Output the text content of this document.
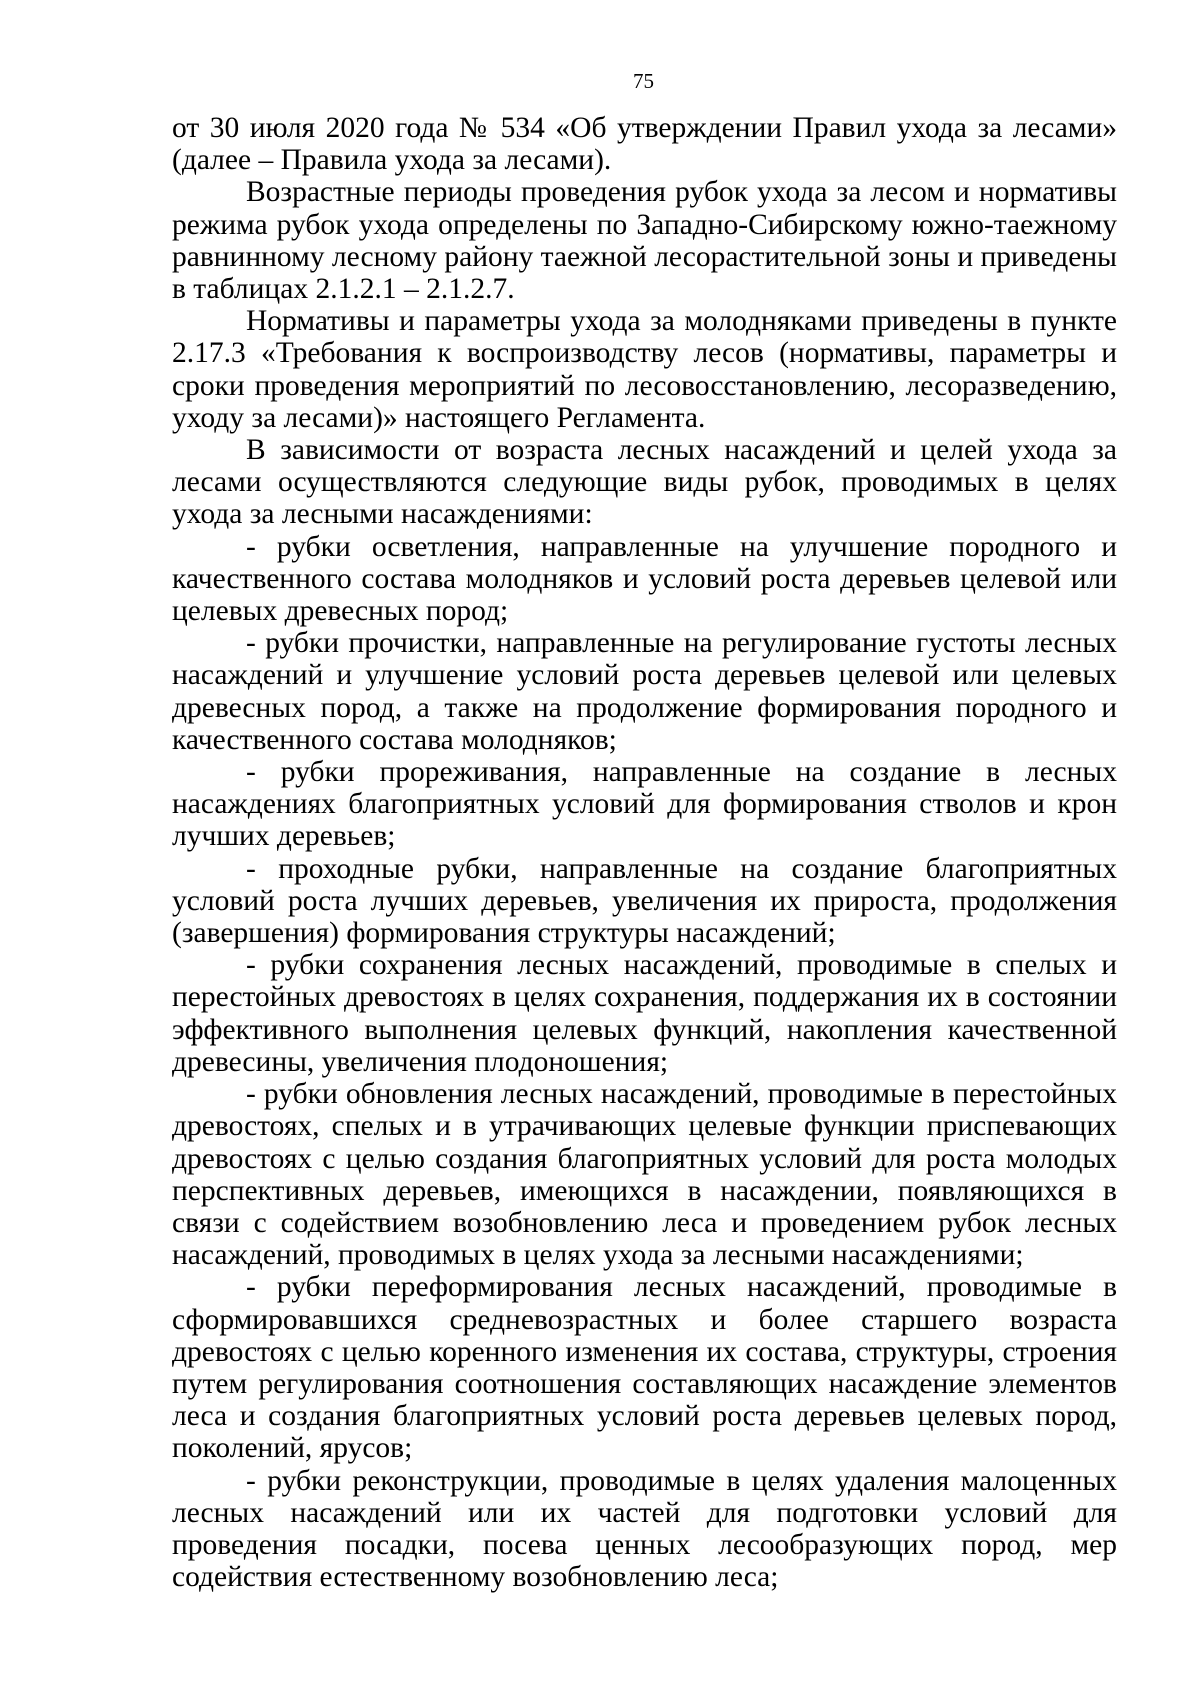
75

от 30 июля 2020 года № 534 «Об утверждении Правил ухода за лесами» (далее – Правила ухода за лесами).

Возрастные периоды проведения рубок ухода за лесом и нормативы режима рубок ухода определены по Западно-Сибирскому южно-таежному равнинному лесному району таежной лесорастительной зоны и приведены в таблицах 2.1.2.1 – 2.1.2.7.

Нормативы и параметры ухода за молодняками приведены в пункте 2.17.3 «Требования к воспроизводству лесов (нормативы, параметры и сроки проведения мероприятий по лесовосстановлению, лесоразведению, уходу за лесами)» настоящего Регламента.

В зависимости от возраста лесных насаждений и целей ухода за лесами осуществляются следующие виды рубок, проводимых в целях ухода за лесными насаждениями:

- рубки осветления, направленные на улучшение породного и качественного состава молодняков и условий роста деревьев целевой или целевых древесных пород;

- рубки прочистки, направленные на регулирование густоты лесных насаждений и улучшение условий роста деревьев целевой или целевых древесных пород, а также на продолжение формирования породного и качественного состава молодняков;

- рубки прореживания, направленные на создание в лесных насаждениях благоприятных условий для формирования стволов и крон лучших деревьев;

- проходные рубки, направленные на создание благоприятных условий роста лучших деревьев, увеличения их прироста, продолжения (завершения) формирования структуры насаждений;

- рубки сохранения лесных насаждений, проводимые в спелых и перестойных древостоях в целях сохранения, поддержания их в состоянии эффективного выполнения целевых функций, накопления качественной древесины, увеличения плодоношения;

- рубки обновления лесных насаждений, проводимые в перестойных древостоях, спелых и в утрачивающих целевые функции приспевающих древостоях с целью создания благоприятных условий для роста молодых перспективных деревьев, имеющихся в насаждении, появляющихся в связи с содействием возобновлению леса и проведением рубок лесных насаждений, проводимых в целях ухода за лесными насаждениями;

- рубки переформирования лесных насаждений, проводимые в сформировавшихся средневозрастных и более старшего возраста древостоях с целью коренного изменения их состава, структуры, строения путем регулирования соотношения составляющих насаждение элементов леса и создания благоприятных условий роста деревьев целевых пород, поколений, ярусов;

- рубки реконструкции, проводимые в целях удаления малоценных лесных насаждений или их частей для подготовки условий для проведения посадки, посева ценных лесообразующих пород, мер содействия естественному возобновлению леса;
